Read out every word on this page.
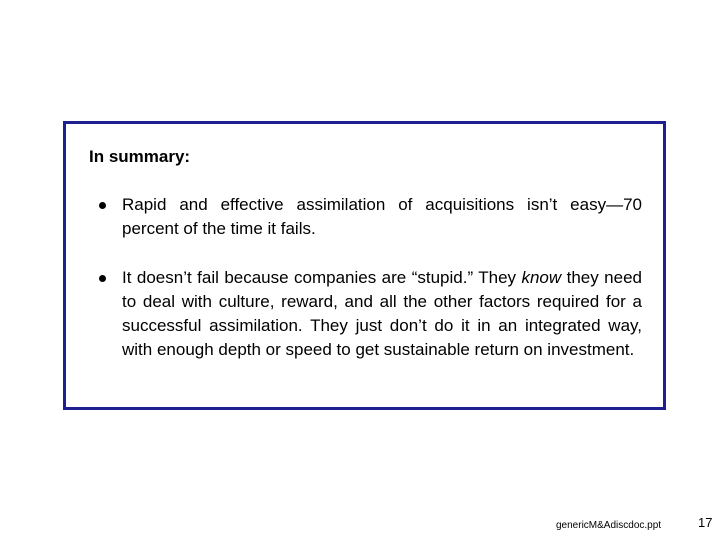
In summary:
Rapid and effective assimilation of acquisitions isn’t easy—70 percent of the time it fails.
It doesn’t fail because companies are “stupid.” They know they need to deal with culture, reward, and all the other factors required for a successful assimilation. They just don’t do it in an integrated way, with enough depth or speed to get sustainable return on investment.
genericM&Adiscdoc.ppt	17
